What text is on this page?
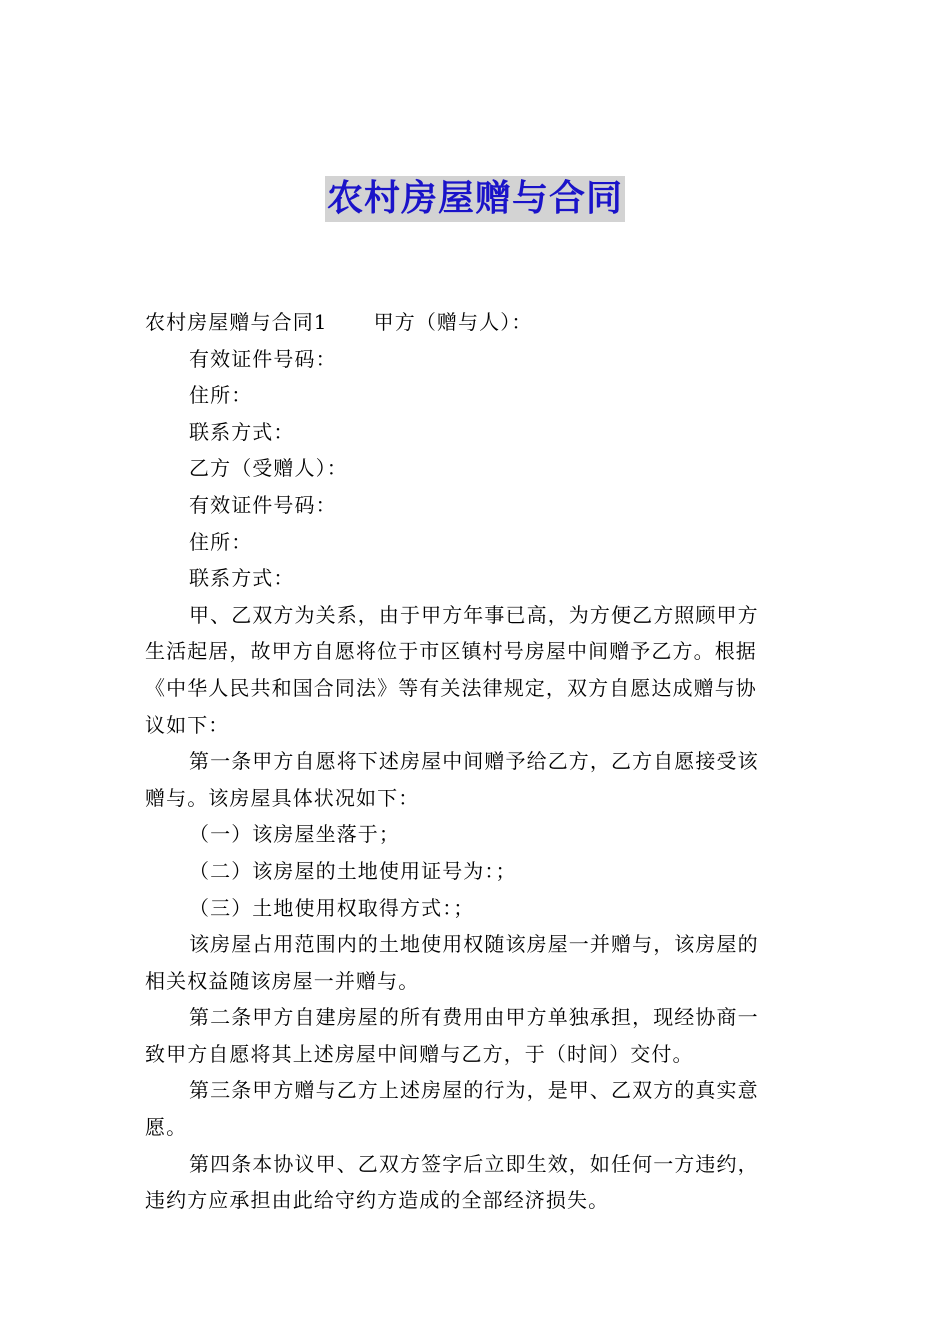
农村房屋赠与合同
农村房屋赠与合同1 甲方（赠与人）：
有效证件号码：
住所：
联系方式：
乙方（受赠人）：
有效证件号码：
住所：
联系方式：
甲、乙双方为关系，由于甲方年事已高，为方便乙方照顾甲方
生活起居，故甲方自愿将位于市区镇村号房屋中间赠予乙方。根据
《中华人民共和国合同法》等有关法律规定，双方自愿达成赠与协
议如下：
第一条甲方自愿将下述房屋中间赠予给乙方，乙方自愿接受该
赠与。该房屋具体状况如下：
（一）该房屋坐落于；
（二）该房屋的土地使用证号为：；
（三）土地使用权取得方式：；
该房屋占用范围内的土地使用权随该房屋一并赠与，该房屋的
相关权益随该房屋一并赠与。
第二条甲方自建房屋的所有费用由甲方单独承担，现经协商一
致甲方自愿将其上述房屋中间赠与乙方，于（时间）交付。
第三条甲方赠与乙方上述房屋的行为，是甲、乙双方的真实意
愿。
第四条本协议甲、乙双方签字后立即生效，如任何一方违约，
违约方应承担由此给守约方造成的全部经济损失。
